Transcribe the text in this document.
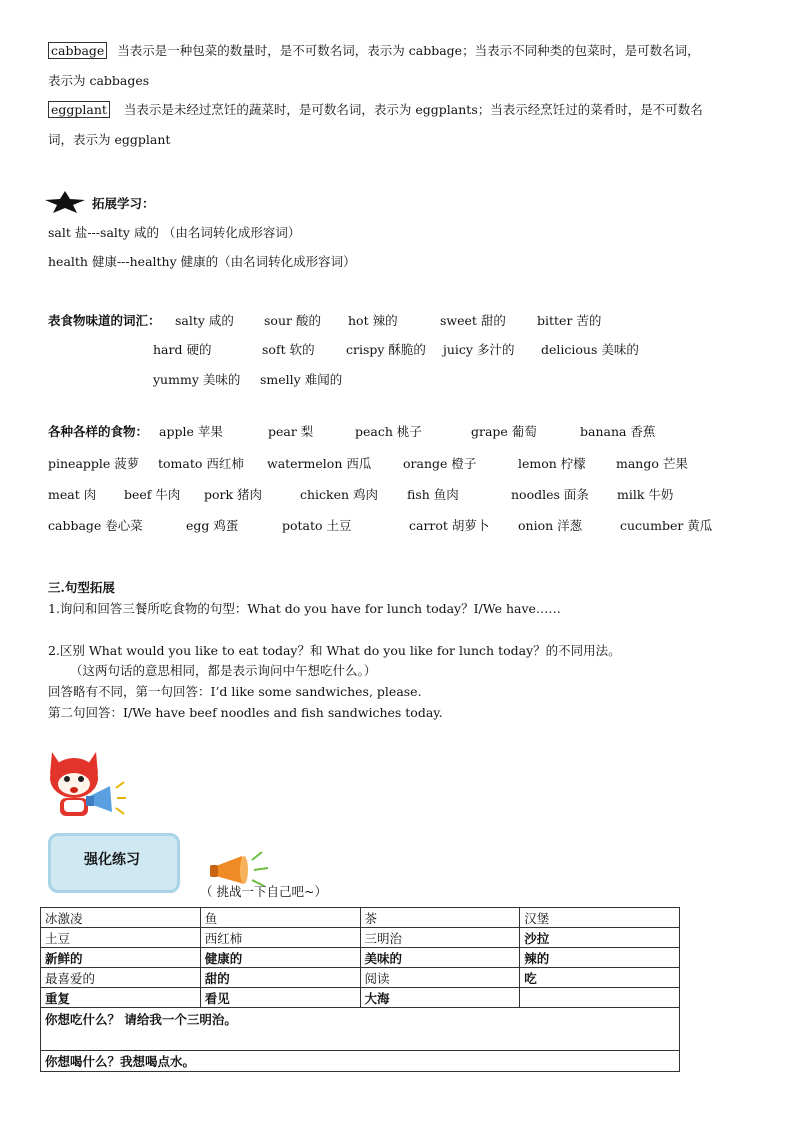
cabbage 当表示是一种包菜的数量时，是不可数名词，表示为 cabbage；当表示不同种类的包菜时，是可数名词，
表示为 cabbages
eggplant 当表示是未经过烹饪的蔬菜时，是可数名词，表示为 eggplants；当表示经烹饪过的菜肴时，是不可数名
词，表示为 eggplant
拓展学习：
salt 盐---salty 咸的 （由名词转化成形容词）
health 健康---healthy 健康的（由名词转化成形容词）
表食物味道的词汇： salty 咸的 sour 酸的 hot 辣的	sweet 甜的 bitter 苦的
hard 硬的	soft 软的	crispy 酥脆的 juicy 多汁的 delicious 美味的
yummy 美味的 smelly 难闻的
各种各样的食物： apple 苹果	pear 梨	peach 桃子	grape 葡萄	banana 香蕉
pineapple 菠萝 tomato 西红柿 watermelon 西瓜	orange 橙子	lemon 柠檬 mango 芒果
meat 肉 beef 牛肉 pork 猪肉	chicken 鸡肉 fish 鱼肉	noodles 面条 milk 牛奶
cabbage 卷心菜	egg 鸡蛋	potato 土豆	carrot 胡萝卜 onion 洋葱	cucumber 黄瓜
三.句型拓展
1.询问和回答三餐所吃食物的句型：What do you have for lunch today？I/We have……
2.区别 What would you like to eat today？和 What do you like for lunch today？的不同用法。
（这两句话的意思相同，都是表示询问中午想吃什么。）
回答略有不同，第一句回答：I’d like some sandwiches, please.
第二句回答：I/We have beef noodles and fish sandwiches today.
强化练习
（ 挑战一下自己吧~）
冰激凌	鱼	茶	汉堡
土豆	西红柿	三明治	沙拉
新鲜的	健康的	美味的	辣的
最喜爱的	甜的	阅读	吃
重复	看见	大海	
你想吃什么？ 请给我一个三明治。			
你想喝什么？我想喝点水。			
